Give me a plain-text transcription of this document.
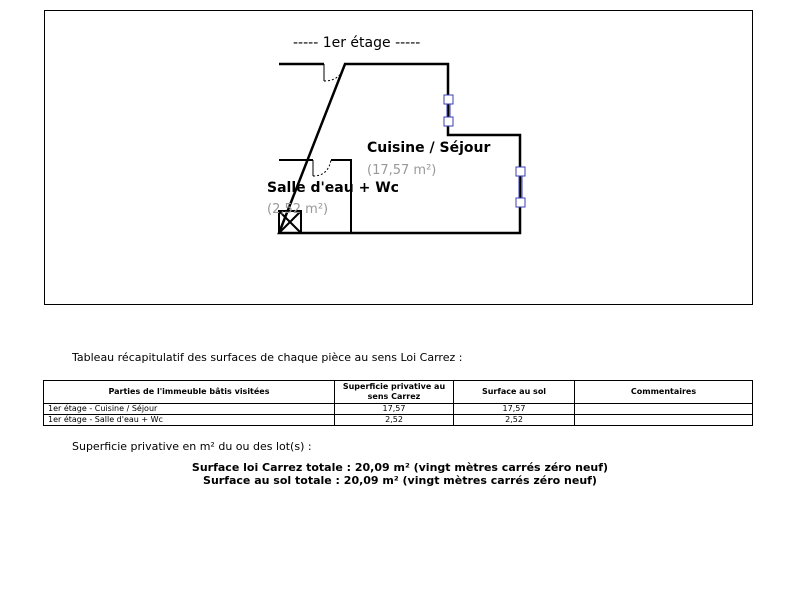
Cuisine / Séjour
(17,57 m²)
Salle d'eau + Wc
(2,52 m²)
----- 1er étage -----
Tableau récapitulatif des surfaces de chaque pièce au sens Loi Carrez :
Parties de l'immeuble bâtis visitées	Superficie privative au sens Carrez	Surface au sol	Commentaires
1er étage - Cuisine / Séjour	17,57	17,57	
1er étage - Salle d'eau + Wc	2,52	2,52	
Superficie privative en m² du ou des lot(s) :
Surface loi Carrez totale : 20,09 m² (vingt mètres carrés zéro neuf)
Surface au sol totale : 20,09 m² (vingt mètres carrés zéro neuf)
